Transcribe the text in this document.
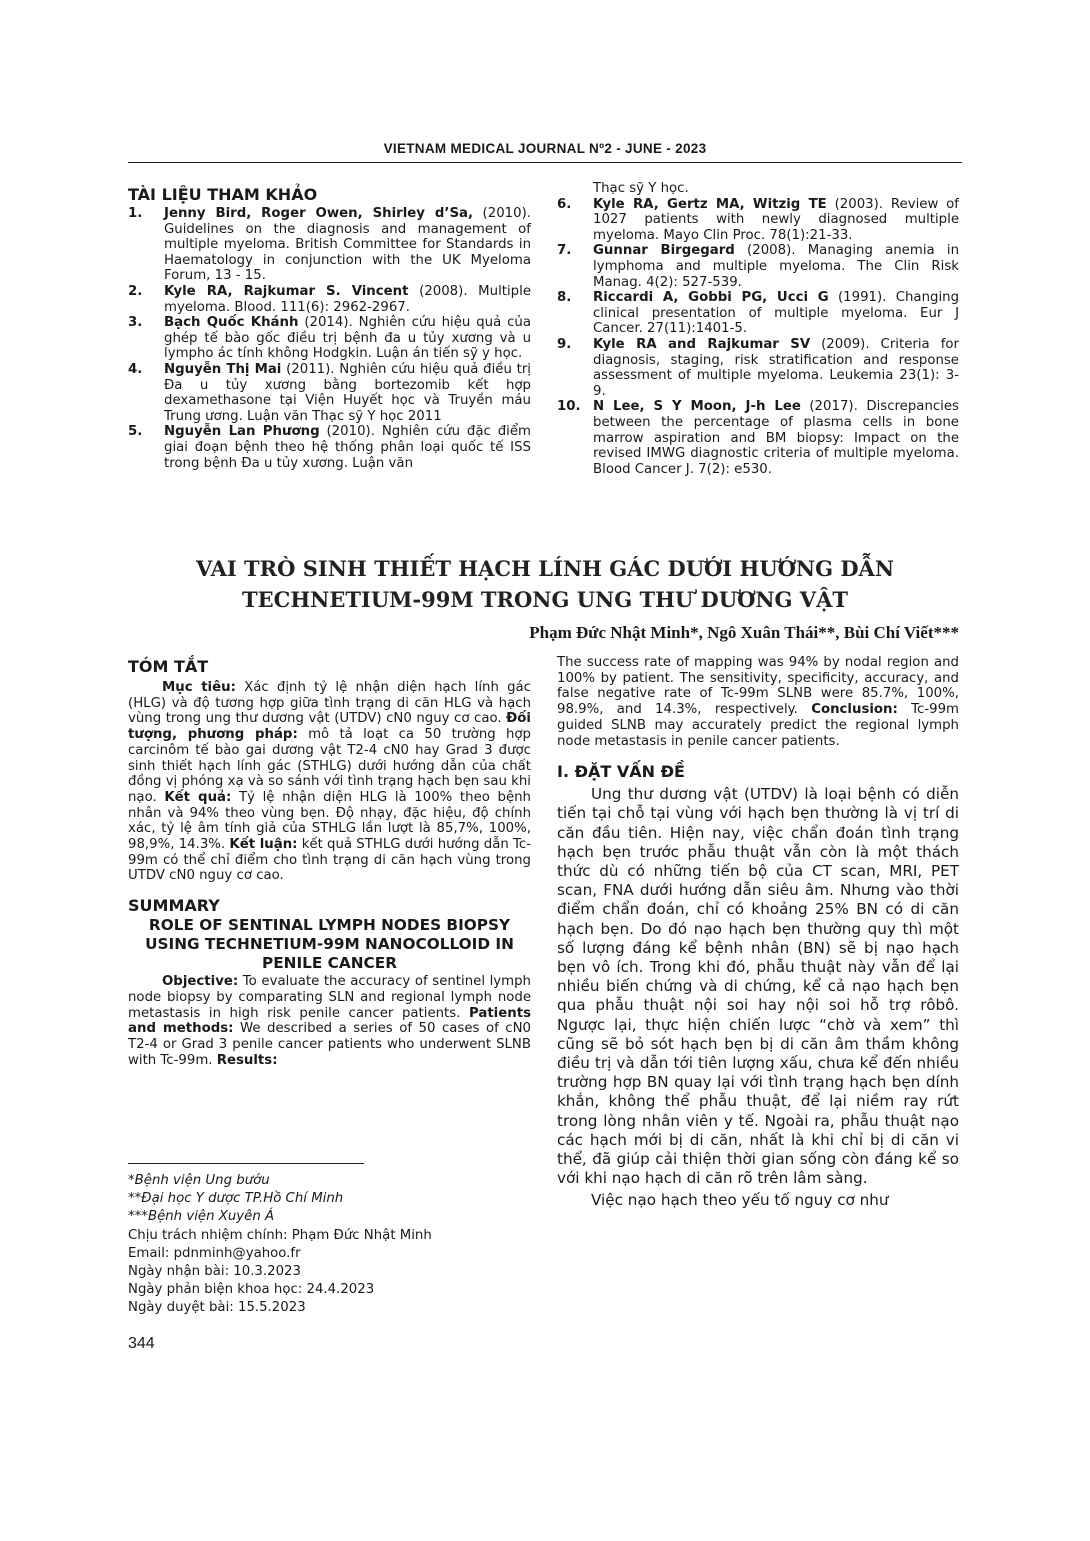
VIETNAM MEDICAL JOURNAL Nº2 - JUNE - 2023
TÀI LIỆU THAM KHẢO
1.	Jenny Bird, Roger Owen, Shirley d’Sa, (2010). Guidelines on the diagnosis and management of multiple myeloma. British Committee for Standards in Haematology in conjunction with the UK Myeloma Forum, 13 - 15.
2.	Kyle RA, Rajkumar S. Vincent (2008). Multiple myeloma. Blood. 111(6): 2962-2967.
3.	Bạch Quốc Khánh (2014). Nghiên cứu hiệu quả của ghép tế bào gốc điều trị bệnh đa u tủy xương và u lympho ác tính không Hodgkin. Luận án tiến sỹ y học.
4.	Nguyễn Thị Mai (2011). Nghiên cứu hiệu quả điều trị Đa u tủy xương bằng bortezomib kết hợp dexamethasone tại Viện Huyết học và Truyền máu Trung ương. Luận văn Thạc sỹ Y học 2011
5.	Nguyễn Lan Phương (2010). Nghiên cứu đặc điểm giai đoạn bệnh theo hệ thống phân loại quốc tế ISS trong bệnh Đa u tủy xương. Luận văn
Thạc sỹ Y học.
6.	Kyle RA, Gertz MA, Witzig TE (2003). Review of 1027 patients with newly diagnosed multiple myeloma. Mayo Clin Proc. 78(1):21-33.
7.	Gunnar Birgegard (2008). Managing anemia in lymphoma and multiple myeloma. The Clin Risk Manag. 4(2): 527-539.
8.	Riccardi A, Gobbi PG, Ucci G (1991). Changing clinical presentation of multiple myeloma. Eur J Cancer. 27(11):1401-5.
9.	Kyle RA and Rajkumar SV (2009). Criteria for diagnosis, staging, risk stratification and response assessment of multiple myeloma. Leukemia 23(1): 3-9.
10. N Lee, S Y Moon, J-h Lee (2017). Discrepancies between the percentage of plasma cells in bone marrow aspiration and BM biopsy: Impact on the revised IMWG diagnostic criteria of multiple myeloma. Blood Cancer J. 7(2): e530.
VAI TRÒ SINH THIẾT HẠCH LÍNH GÁC DƯỚI HƯỚNG DẪN
TECHNETIUM-99M TRONG UNG THƯ DƯƠNG VẬT
Phạm Đức Nhật Minh*, Ngô Xuân Thái**, Bùi Chí Viết***
TÓM TẮT

Mục tiêu: Xác định tỷ lệ nhận diện hạch lính gác (HLG) và độ tương hợp giữa tình trạng di căn HLG và hạch vùng trong ung thư dương vật (UTDV) cN0 nguy cơ cao. Đối tượng, phương pháp: mô tả loạt ca 50 trường hợp carcinôm tế bào gai dương vật T2-4 cN0 hay Grad 3 được sinh thiết hạch lính gác (STHLG) dưới hướng dẫn của chất đồng vị phóng xạ và so sánh với tình trạng hạch bẹn sau khi nạo. Kết quả: Tỷ lệ nhận diện HLG là 100% theo bệnh nhân và 94% theo vùng bẹn. Độ nhạy, đặc hiệu, độ chính xác, tỷ lệ âm tính giả của STHLG lần lượt là 85,7%, 100%, 98,9%, 14.3%. Kết luận: kết quả STHLG dưới hướng dẫn Tc-99m có thể chỉ điểm cho tình trạng di căn hạch vùng trong UTDV cN0 nguy cơ cao.

SUMMARY

ROLE OF SENTINAL LYMPH NODES BIOPSY USING TECHNETIUM-99M NANOCOLLOID IN PENILE CANCER

Objective: To evaluate the accuracy of sentinel lymph node biopsy by comparating SLN and regional lymph node metastasis in high risk penile cancer patients. Patients and methods: We described a series of 50 cases of cN0 T2-4 or Grad 3 penile cancer patients who underwent SLNB with Tc-99m. Results:

The success rate of mapping was 94% by nodal region and 100% by patient. The sensitivity, specificity, accuracy, and false negative rate of Tc-99m SLNB were 85.7%, 100%, 98.9%, and 14.3%, respectively. Conclusion: Tc-99m guided SLNB may accurately predict the regional lymph node metastasis in penile cancer patients.

I. ĐẶT VẤN ĐỀ

Ung thư dương vật (UTDV) là loại bệnh có diễn tiến tại chỗ tại vùng với hạch bẹn thường là vị trí di căn đầu tiên. Hiện nay, việc chẩn đoán tình trạng hạch bẹn trước phẫu thuật vẫn còn là một thách thức dù có những tiến bộ của CT scan, MRI, PET scan, FNA dưới hướng dẫn siêu âm. Nhưng vào thời điểm chẩn đoán, chỉ có khoảng 25% BN có di căn hạch bẹn. Do đó nạo hạch bẹn thường quy thì một số lượng đáng kể bệnh nhân (BN) sẽ bị nạo hạch bẹn vô ích. Trong khi đó, phẫu thuật này vẫn để lại nhiều biến chứng và di chứng, kể cả nạo hạch bẹn qua phẫu thuật nội soi hay nội soi hỗ trợ rôbô. Ngược lại, thực hiện chiến lược “chờ và xem” thì cũng sẽ bỏ sót hạch bẹn bị di căn âm thầm không điều trị và dẫn tới tiên lượng xấu, chưa kể đến nhiều trường hợp BN quay lại với tình trạng hạch bẹn dính khắn, không thể phẫu thuật, để lại niềm ray rứt trong lòng nhân viên y tế. Ngoài ra, phẫu thuật nạo các hạch mới bị di căn, nhất là khi chỉ bị di căn vi thể, đã giúp cải thiện thời gian sống còn đáng kể so với khi nạo hạch di căn rõ trên lâm sàng.

Việc nạo hạch theo yếu tố nguy cơ như

*Bệnh viện Ung bướu
**Đại học Y dược TP.Hồ Chí Minh
***Bệnh viện Xuyên Á
Chịu trách nhiệm chính: Phạm Đức Nhật Minh
Email: pdnminh@yahoo.fr
Ngày nhận bài: 10.3.2023
Ngày phản biện khoa học: 24.4.2023
Ngày duyệt bài: 15.5.2023
344
